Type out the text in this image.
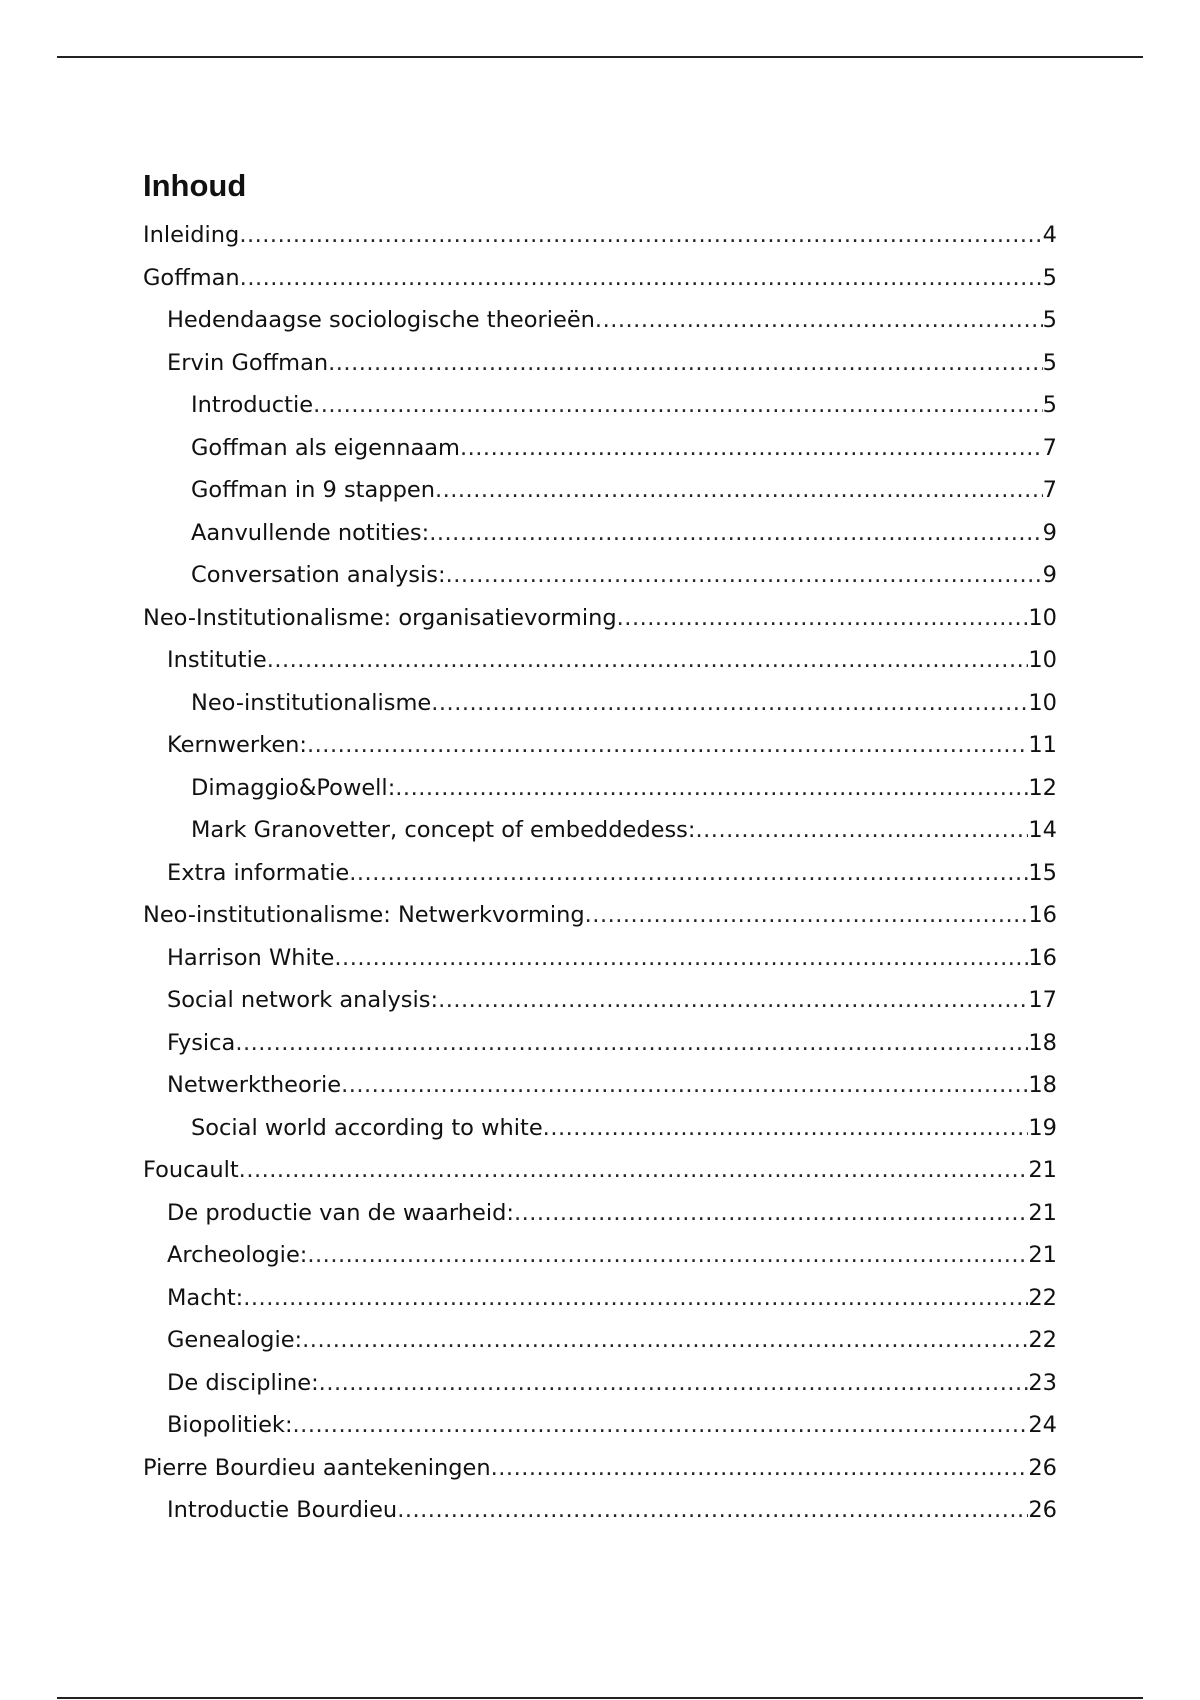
Inhoud
Inleiding .....	4
Goffman .....	5
Hedendaagse sociologische theorieën .....	5
Ervin Goffman .....	5
Introductie .....	5
Goffman als eigennaam .....	7
Goffman in 9 stappen .....	7
Aanvullende notities: .....	9
Conversation analysis: .....	9
Neo-Institutionalisme: organisatievorming .....	10
Institutie .....	10
Neo-institutionalisme .....	10
Kernwerken: .....	11
Dimaggio&Powell: .....	12
Mark Granovetter, concept of embeddedess: .....	14
Extra informatie .....	15
Neo-institutionalisme: Netwerkvorming .....	16
Harrison White .....	16
Social network analysis: .....	17
Fysica .....	18
Netwerktheorie .....	18
Social world according to white .....	19
Foucault .....	21
De productie van de waarheid: .....	21
Archeologie: .....	21
Macht: .....	22
Genealogie: .....	22
De discipline: .....	23
Biopolitiek: .....	24
Pierre Bourdieu aantekeningen .....	26
Introductie Bourdieu .....	26
